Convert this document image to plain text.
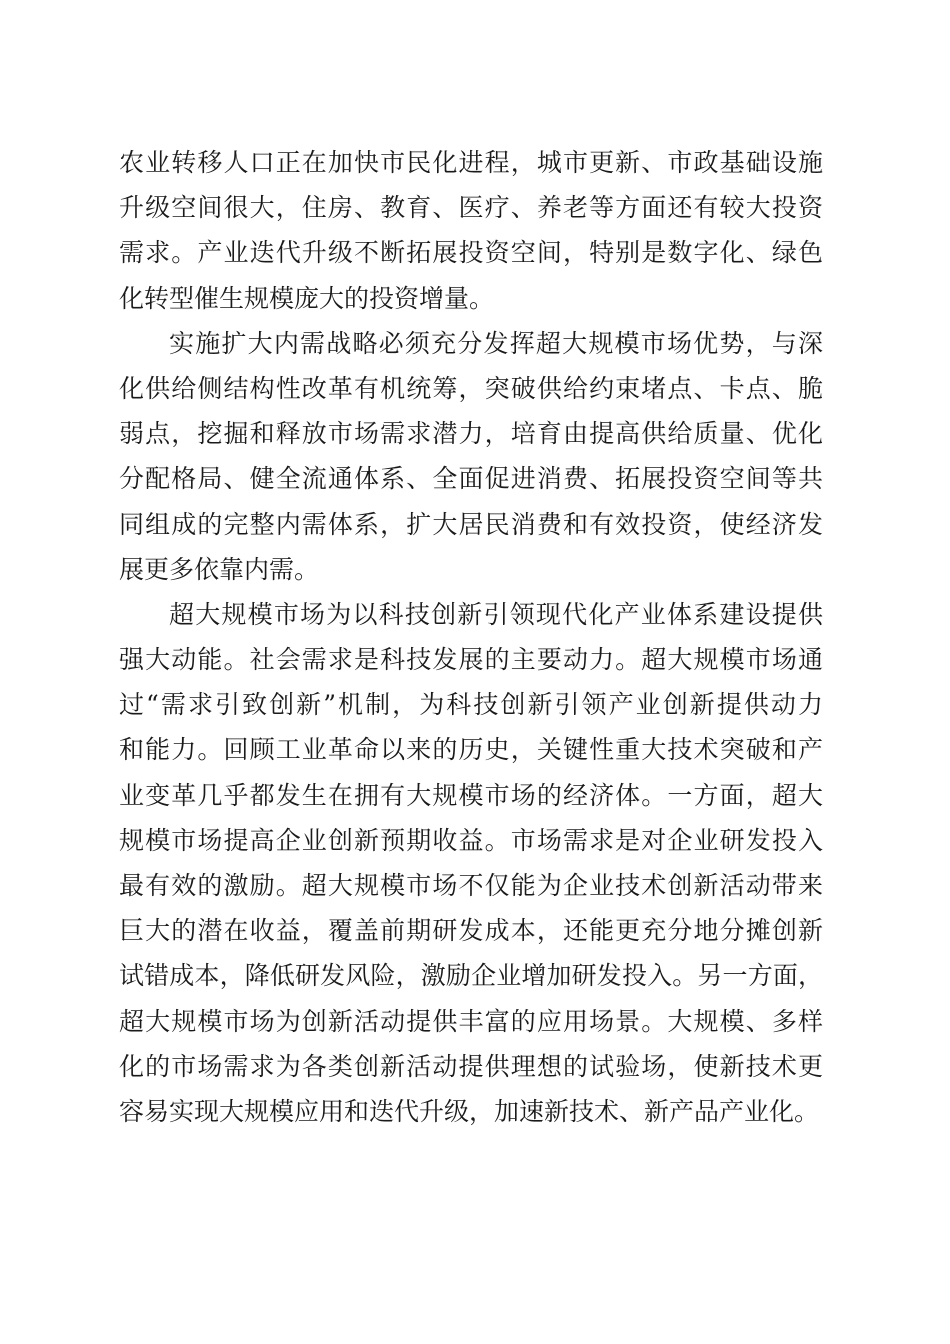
农业转移人口正在加快市民化进程，城市更新、市政基础设施
升级空间很大，住房、教育、医疗、养老等方面还有较大投资
需求。产业迭代升级不断拓展投资空间，特别是数字化、绿色
化转型催生规模庞大的投资增量。
实施扩大内需战略必须充分发挥超大规模市场优势，与深
化供给侧结构性改革有机统筹，突破供给约束堵点、卡点、脆
弱点，挖掘和释放市场需求潜力，培育由提高供给质量、优化
分配格局、健全流通体系、全面促进消费、拓展投资空间等共
同组成的完整内需体系，扩大居民消费和有效投资，使经济发
展更多依靠内需。
超大规模市场为以科技创新引领现代化产业体系建设提供
强大动能。社会需求是科技发展的主要动力。超大规模市场通
过“需求引致创新”机制，为科技创新引领产业创新提供动力
和能力。回顾工业革命以来的历史，关键性重大技术突破和产
业变革几乎都发生在拥有大规模市场的经济体。一方面，超大
规模市场提高企业创新预期收益。市场需求是对企业研发投入
最有效的激励。超大规模市场不仅能为企业技术创新活动带来
巨大的潜在收益，覆盖前期研发成本，还能更充分地分摊创新
试错成本，降低研发风险，激励企业增加研发投入。另一方面，
超大规模市场为创新活动提供丰富的应用场景。大规模、多样
化的市场需求为各类创新活动提供理想的试验场，使新技术更
容易实现大规模应用和迭代升级，加速新技术、新产品产业化。
